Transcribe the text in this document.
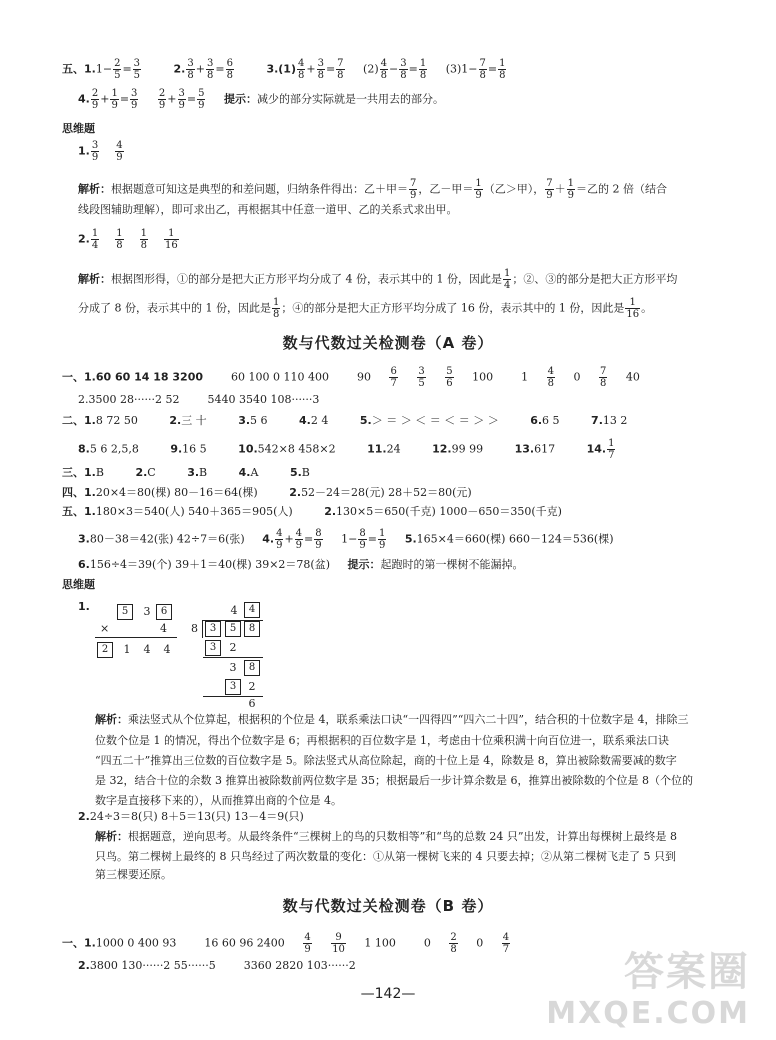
五、$1.1- \frac{2}{5} = \frac{3}{5}$	2. $\frac{3}{8} + \frac{3}{8} = \frac{6}{8}$	$3.(1) \frac{4}{8} + \frac{3}{8} = \frac{7}{8} (2) \frac{4}{8} - \frac{3}{8} = \frac{1}{8} (3)1- \frac{7}{8} = \frac{1}{8}$
4. $\frac{2}{9} + \frac{1}{9} = \frac{3}{9}$
$\frac{2}{9} + \frac{3}{9} = \frac{5}{9}$ 提示：减少的部分实际就是一共用去的部分。
思维题
1. $\frac{3}{9} \frac{4}{9}$
解析：根据题意可知这是典型的和差问题，归纳条件得出：乙＋甲＝ $\frac{7}{9}$ ，乙－甲＝ $\frac{1}{9}$ （乙＞甲）， $\frac{7}{9} + \frac{1}{9}$ ＝乙的 2 倍（结合
线段图辅助理解），即可求出乙，再根据其中任意一道甲、乙的关系式求出甲。
2. $\frac{1}{4} \frac{1}{8} \frac{1}{8} \frac{1}{16}$
解析：根据图形得，①的部分是把大正方形平均分成了 4 份，表示其中的 1 份，因此是 $\frac{1}{4}$ ；②、③的部分是把大正方形平均
分成了 8 份，表示其中的 1 份，因此是 $\frac{1}{8}$ ；④的部分是把大正方形平均分成了 16 份，表示其中的 1 份，因此是 $\frac{1}{16}$ 。
数与代数过关检测卷（A 卷）
一、1.60 60 14 18 3200	60 100 0 110 400	$90 \frac{6}{7}$
$\frac{3}{5}$
$\frac{5}{6} 100$	$1 \frac{4}{8} 0 \frac{7}{8} 40$
2.3500 28······2 52	5440 3540 108······3
二、1.8 72 50	2.三 十	3.5 6	4.2 4	5.＞ ＝ ＞ ＜ ＝ ＜ ＝ ＞ ＞	6.6 5	7.13 2
8.5 6 2,5,8	9.16 5	10.542×8 458×2	11.24	12.99 99	13.617	14. $\frac{1}{7}$
三、1.B	2.C	3.B	4.A	5.B
四、1.20×4＝80(棵) 80－16＝64(棵)	2.52－24＝28(元) 28＋52＝80(元)
五、1.180×3＝540(人) 540＋365＝905(人)	2.130×5＝650(千克) 1000－650＝350(千克)
3.80－38＝42(张) 42÷7＝6(张) 4. $\frac{4}{9} + \frac{4}{9} = \frac{8}{9} 1- \frac{8}{9} = \frac{1}{9} 5.165\times 4=660$(棵) 660－124＝536(棵)
6.156÷4＝39(个) 39＋1＝40(棵) 39×2＝78(盆) 提示：起跑时的第一棵树不能漏掉。
思维题
1.	5	3	6
×	4
2	1	4	4
4	4
8	3	5	8
3	2
3	8
3	2
6
解析：乘法竖式从个位算起，根据积的个位是 4，联系乘法口诀“一四得四”“四六二十四”，结合积的十位数字是 4，排除三
位数个位是 1 的情况，得出个位数字是 6；再根据积的百位数字是 1，考虑由十位乘积满十向百位进一，联系乘法口诀
“四五二十”推算出三位数的百位数字是 5。除法竖式从高位除起，商的十位上是 4，除数是 8，算出被除数需要减的数字
是 32，结合十位的余数 3 推算出被除数前两位数字是 35；根据最后一步计算余数是 6，推算出被除数的个位是 8（个位的
数字是直接移下来的），从而推算出商的个位是 4。
2.24÷3＝8(只) 8＋5＝13(只) 13－4＝9(只)
解析：根据题意，逆向思考。从最终条件“三棵树上的鸟的只数相等”和“鸟的总数 24 只”出发，计算出每棵树上最终是 8
只鸟。第二棵树上最终的 8 只鸟经过了两次数量的变化：①从第一棵树飞来的 4 只要去掉；②从第二棵树飞走了 5 只到
第三棵要还原。
数与代数过关检测卷（B 卷）
一、1.1000 0 400 93	16 60 96 $2400 \frac{4}{9}$
$\frac{9}{10} 1$ 100	$0 \frac{2}{8} 0 \frac{4}{7}$
2.3800 130······2 55······5	3360 2820 103······2
—142—	答案圈
MXQE.COM
